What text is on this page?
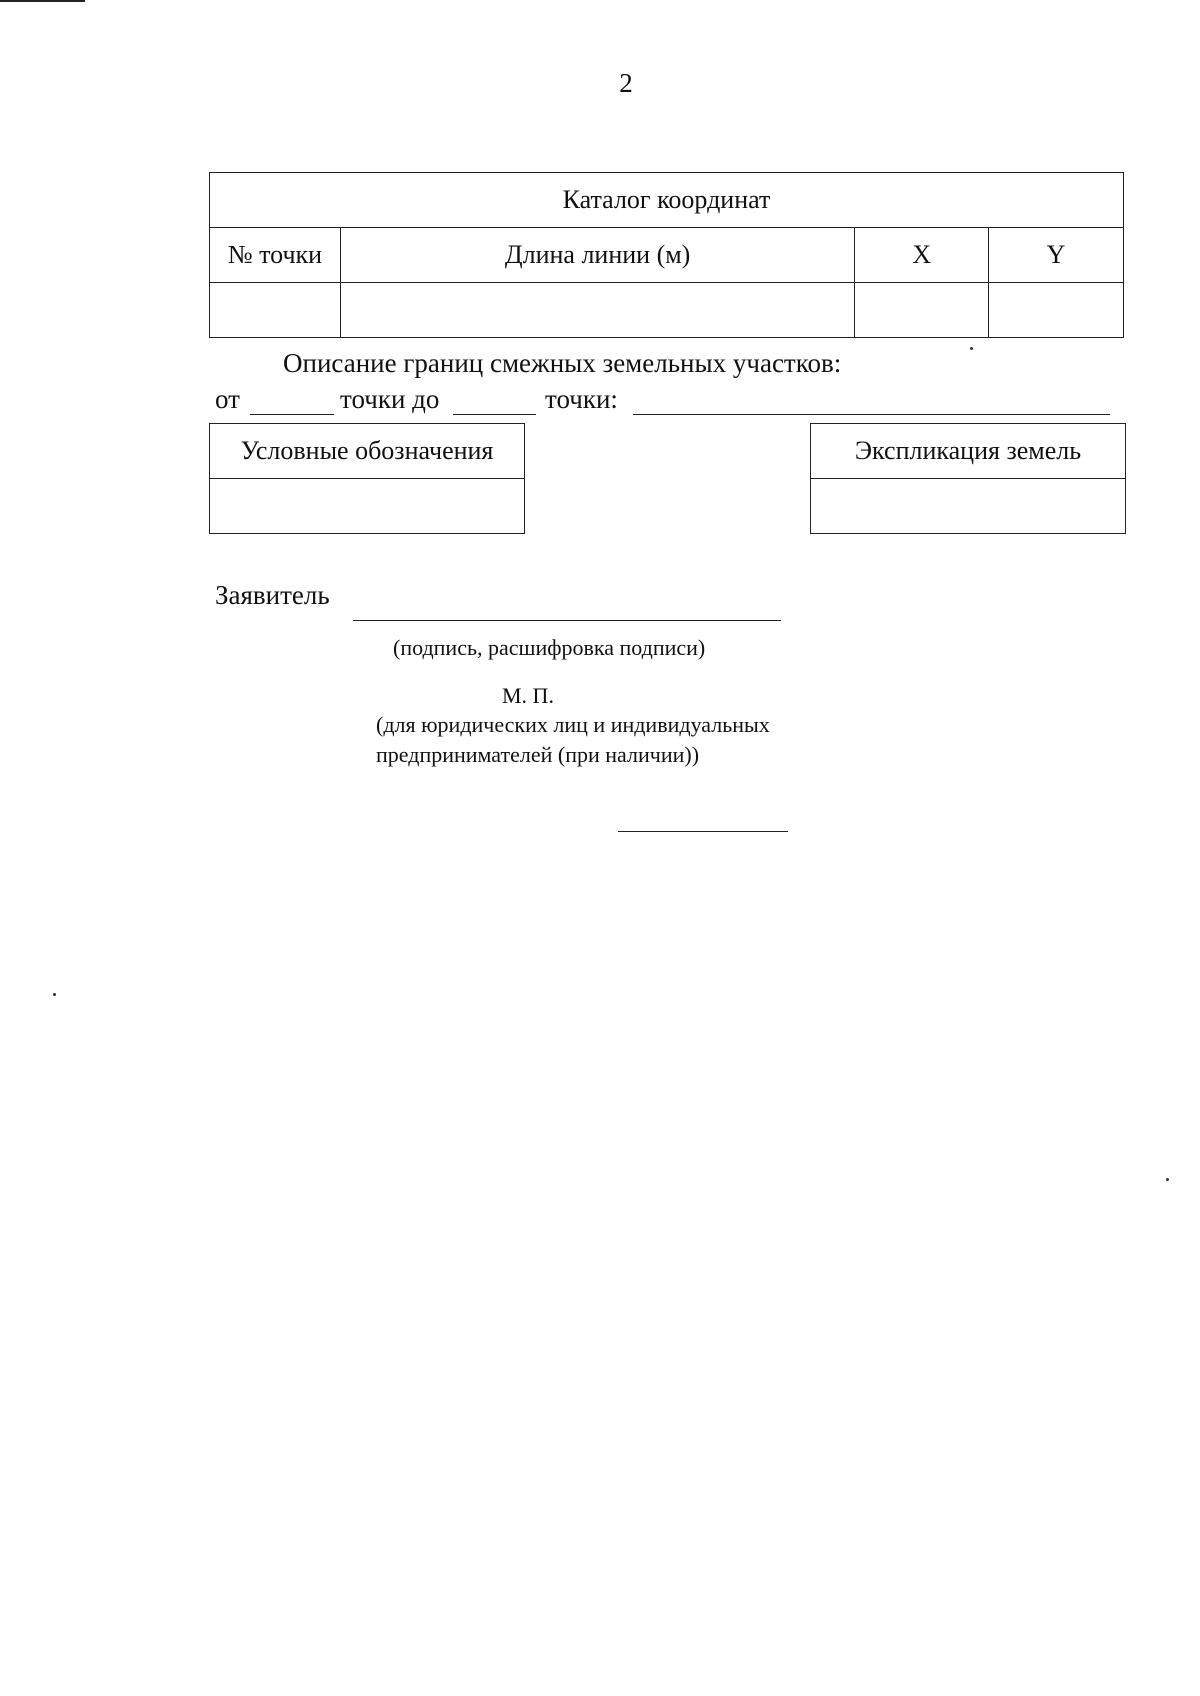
2
Каталог координат			
№ точки	Длина линии (м)	X	Y

Описание границ смежных земельных участков:
от	точки до	точки:
Условные обозначения	Экспликация земель
Заявитель
(подпись, расшифровка подписи)
М. П.
(для юридических лиц и индивидуальных
предпринимателей (при наличии))
